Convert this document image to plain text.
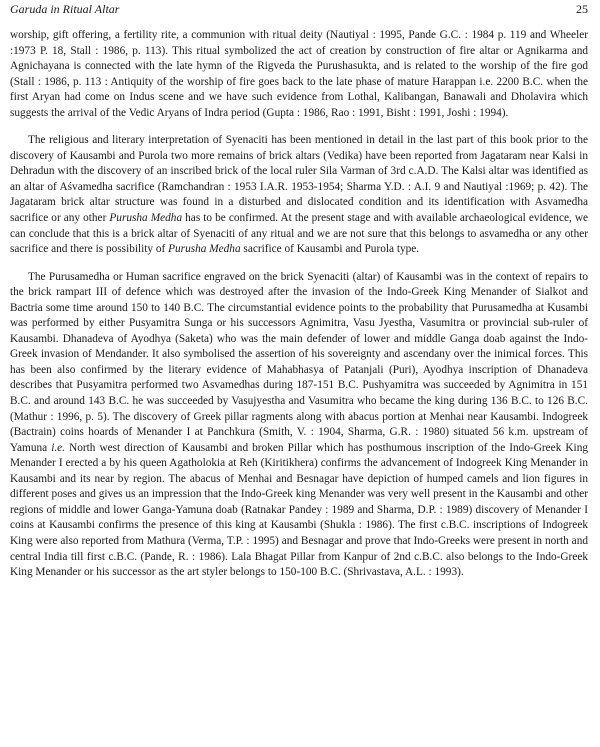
Garuda in Ritual Altar	25

worship, gift offering, a fertility rite, a communion with ritual deity (Nautiyal : 1995, Pande G.C. : 1984 p. 119 and Wheeler :1973 P. 18, Stall : 1986, p. 113). This ritual symbolized the act of creation by construction of fire altar or Agnikarma and Agnichayana is connected with the late hymn of the Rigveda the Purushasukta, and is related to the worship of the fire god (Stall : 1986, p. 113 : Antiquity of the worship of fire goes back to the late phase of mature Harappan i.e. 2200 B.C. when the first Aryan had come on Indus scene and we have such evidence from Lothal, Kalibangan, Banawali and Dholavira which suggests the arrival of the Vedic Aryans of Indra period (Gupta : 1986, Rao : 1991, Bisht : 1991, Joshi : 1994).

The religious and literary interpretation of Syenaciti has been mentioned in detail in the last part of this book prior to the discovery of Kausambi and Purola two more remains of brick altars (Vedika) have been reported from Jagataram near Kalsi in Dehradun with the discovery of an inscribed brick of the local ruler Sila Varman of 3rd c.A.D. The Kalsi altar was identified as an altar of Aśvamedha sacrifice (Ramchandran : 1953 I.A.R. 1953-1954; Sharma Y.D. : A.I. 9 and Nautiyal :1969; p. 42). The Jagataram brick altar structure was found in a disturbed and dislocated condition and its identification with Asvamedha sacrifice or any other Purusha Medha has to be confirmed. At the present stage and with available archaeological evidence, we can conclude that this is a brick altar of Syenaciti of any ritual and we are not sure that this belongs to asvamedha or any other sacrifice and there is possibility of Purusha Medha sacrifice of Kausambi and Purola type.

The Purusamedha or Human sacrifice engraved on the brick Syenaciti (altar) of Kausambi was in the context of repairs to the brick rampart III of defence which was destroyed after the invasion of the Indo-Greek King Menander of Sialkot and Bactria some time around 150 to 140 B.C. The circumstantial evidence points to the probability that Purusamedha at Kusambi was performed by either Pusyamitra Sunga or his successors Agnimitra, Vasu Jyestha, Vasumitra or provincial sub-ruler of Kausambi. Dhanadeva of Ayodhya (Saketa) who was the main defender of lower and middle Ganga doab against the Indo-Greek invasion of Mendander. It also symbolised the assertion of his sovereignty and ascendany over the inimical forces. This has been also confirmed by the literary evidence of Mahabhasya of Patanjali (Puri), Ayodhya inscription of Dhanadeva describes that Pusyamitra performed two Asvamedhas during 187-151 B.C. Pushyamitra was succeeded by Agnimitra in 151 B.C. and around 143 B.C. he was succeeded by Vasujyestha and Vasumitra who became the king during 136 B.C. to 126 B.C. (Mathur : 1996, p. 5). The discovery of Greek pillar ragments along with abacus portion at Menhai near Kausambi. Indogreek (Bactrain) coins hoards of Menander I at Panchkura (Smith, V. : 1904, Sharma, G.R. : 1980) situated 56 k.m. upstream of Yamuna i.e. North west direction of Kausambi and broken Pillar which has posthumous inscription of the Indo-Greek King Menander I erected a by his queen Agatholokia at Reh (Kiritikhera) confirms the advancement of Indogreek King Menander in Kausambi and its near by region. The abacus of Menhai and Besnagar have depiction of humped camels and lion figures in different poses and gives us an impression that the Indo-Greek king Menander was very well present in the Kausambi and other regions of middle and lower Ganga-Yamuna doab (Ratnakar Pandey : 1989 and Sharma, D.P. : 1989) discovery of Menander I coins at Kausambi confirms the presence of this king at Kausambi (Shukla : 1986). The first c.B.C. inscriptions of Indogreek King were also reported from Mathura (Verma, T.P. : 1995) and Besnagar and prove that Indo-Greeks were present in north and central India till first c.B.C. (Pande, R. : 1986). Lala Bhagat Pillar from Kanpur of 2nd c.B.C. also belongs to the Indo-Greek King Menander or his successor as the art styler belongs to 150-100 B.C. (Shrivastava, A.L. : 1993).
